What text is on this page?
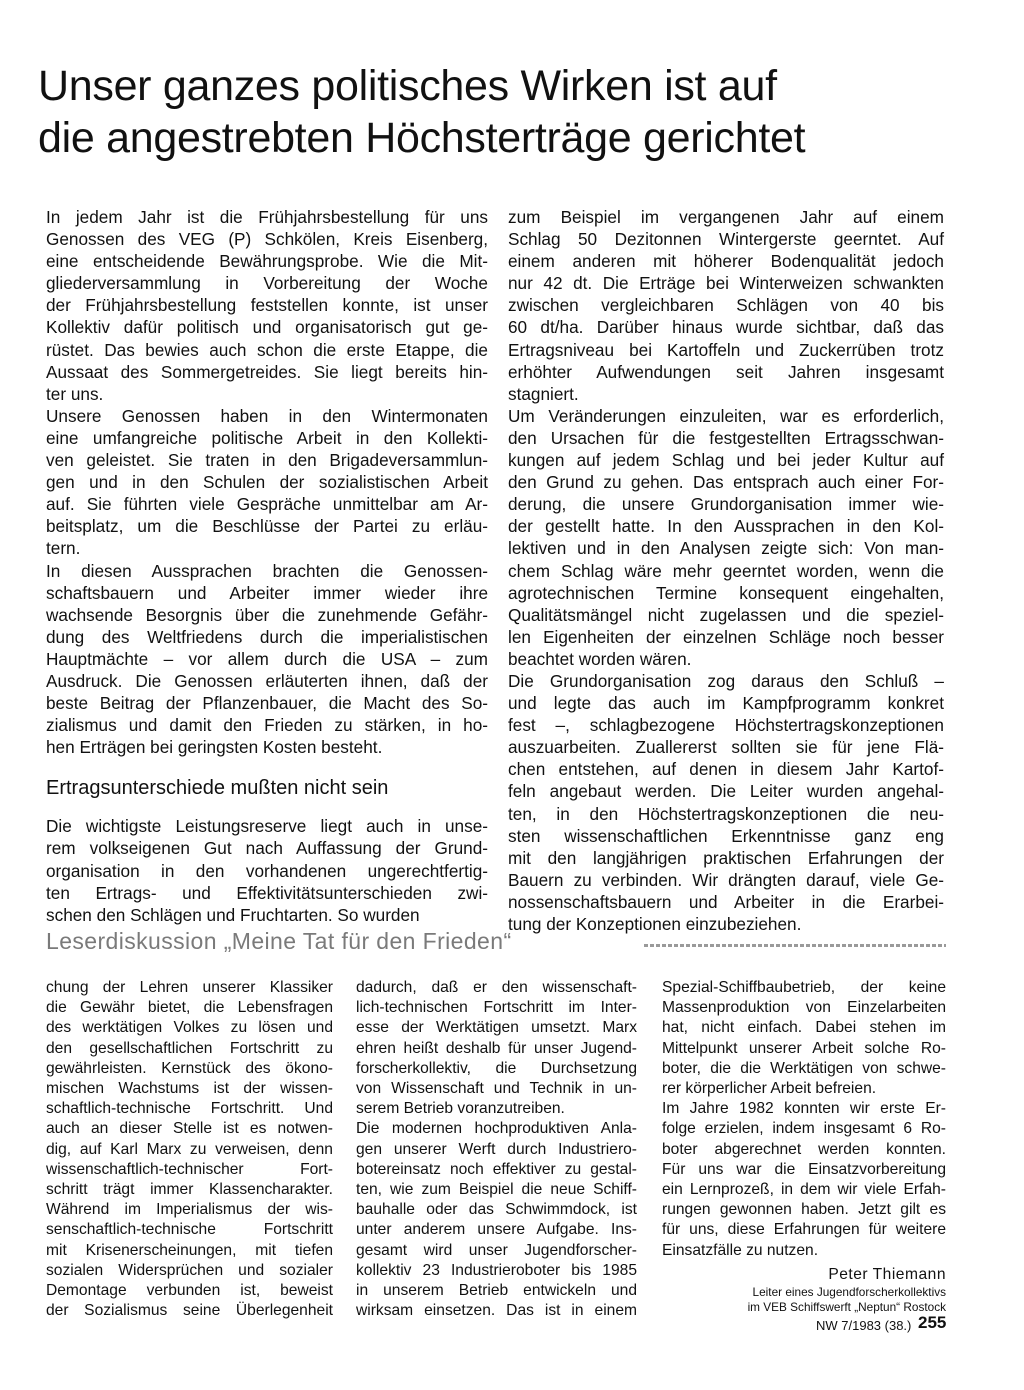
Unser ganzes politisches Wirken ist auf
die angestrebten Höchsterträge gerichtet
In jedem Jahr ist die Frühjahrsbestellung für uns
Genossen des VEG (P) Schkölen, Kreis Eisenberg,
eine entscheidende Bewährungsprobe. Wie die Mit-
gliederversammlung in Vorbereitung der Woche
der Frühjahrsbestellung feststellen konnte, ist unser
Kollektiv dafür politisch und organisatorisch gut ge-
rüstet. Das bewies auch schon die erste Etappe, die
Aussaat des Sommergetreides. Sie liegt bereits hin-
ter uns.
Unsere Genossen haben in den Wintermonaten
eine umfangreiche politische Arbeit in den Kollekti-
ven geleistet. Sie traten in den Brigadeversammlun-
gen und in den Schulen der sozialistischen Arbeit
auf. Sie führten viele Gespräche unmittelbar am Ar-
beitsplatz, um die Beschlüsse der Partei zu erläu-
tern.
In diesen Aussprachen brachten die Genossen-
schaftsbauern und Arbeiter immer wieder ihre
wachsende Besorgnis über die zunehmende Gefähr-
dung des Weltfriedens durch die imperialistischen
Hauptmächte – vor allem durch die USA – zum
Ausdruck. Die Genossen erläuterten ihnen, daß der
beste Beitrag der Pflanzenbauer, die Macht des So-
zialismus und damit den Frieden zu stärken, in ho-
hen Erträgen bei geringsten Kosten besteht.
Ertragsunterschiede mußten nicht sein
Die wichtigste Leistungsreserve liegt auch in unse-
rem volkseigenen Gut nach Auffassung der Grund-
organisation in den vorhandenen ungerechtfertig-
ten Ertrags- und Effektivitätsunterschieden zwi-
schen den Schlägen und Fruchtarten. So wurden
zum Beispiel im vergangenen Jahr auf einem
Schlag 50 Dezitonnen Wintergerste geerntet. Auf
einem anderen mit höherer Bodenqualität jedoch
nur 42 dt. Die Erträge bei Winterweizen schwankten
zwischen vergleichbaren Schlägen von 40 bis
60 dt/ha. Darüber hinaus wurde sichtbar, daß das
Ertragsniveau bei Kartoffeln und Zuckerrüben trotz
erhöhter Aufwendungen seit Jahren insgesamt
stagniert.
Um Veränderungen einzuleiten, war es erforderlich,
den Ursachen für die festgestellten Ertragsschwan-
kungen auf jedem Schlag und bei jeder Kultur auf
den Grund zu gehen. Das entsprach auch einer For-
derung, die unsere Grundorganisation immer wie-
der gestellt hatte. In den Aussprachen in den Kol-
lektiven und in den Analysen zeigte sich: Von man-
chem Schlag wäre mehr geerntet worden, wenn die
agrotechnischen Termine konsequent eingehalten,
Qualitätsmängel nicht zugelassen und die speziel-
len Eigenheiten der einzelnen Schläge noch besser
beachtet worden wären.
Die Grundorganisation zog daraus den Schluß –
und legte das auch im Kampfprogramm konkret
fest –, schlagbezogene Höchstertragskonzeptionen
auszuarbeiten. Zuallererst sollten sie für jene Flä-
chen entstehen, auf denen in diesem Jahr Kartof-
feln angebaut werden. Die Leiter wurden angehal-
ten, in den Höchstertragskonzeptionen die neu-
sten wissenschaftlichen Erkenntnisse ganz eng
mit den langjährigen praktischen Erfahrungen der
Bauern zu verbinden. Wir drängten darauf, viele Ge-
nossenschaftsbauern und Arbeiter in die Erarbei-
tung der Konzeptionen einzubeziehen.
Leserdiskussion „Meine Tat für den Frieden“
chung der Lehren unserer Klassiker
die Gewähr bietet, die Lebensfragen
des werktätigen Volkes zu lösen und
den gesellschaftlichen Fortschritt zu
gewährleisten. Kernstück des ökono-
mischen Wachstums ist der wissen-
schaftlich-technische Fortschritt. Und
auch an dieser Stelle ist es notwen-
dig, auf Karl Marx zu verweisen, denn
wissenschaftlich-technischer Fort-
schritt trägt immer Klassencharakter.
Während im Imperialismus der wis-
senschaftlich-technische Fortschritt
mit Krisenerscheinungen, mit tiefen
sozialen Widersprüchen und sozialer
Demontage verbunden ist, beweist
der Sozialismus seine Überlegenheit
dadurch, daß er den wissenschaft-
lich-technischen Fortschritt im Inter-
esse der Werktätigen umsetzt. Marx
ehren heißt deshalb für unser Jugend-
forscherkollektiv, die Durchsetzung
von Wissenschaft und Technik in un-
serem Betrieb voranzutreiben.
Die modernen hochproduktiven Anla-
gen unserer Werft durch Industriero-
botereinsatz noch effektiver zu gestal-
ten, wie zum Beispiel die neue Schiff-
bauhalle oder das Schwimmdock, ist
unter anderem unsere Aufgabe. Ins-
gesamt wird unser Jugendforscher-
kollektiv 23 Industrieroboter bis 1985
in unserem Betrieb entwickeln und
wirksam einsetzen. Das ist in einem
Spezial-Schiffbaubetrieb, der keine
Massenproduktion von Einzelarbeiten
hat, nicht einfach. Dabei stehen im
Mittelpunkt unserer Arbeit solche Ro-
boter, die die Werktätigen von schwe-
rer körperlicher Arbeit befreien.
Im Jahre 1982 konnten wir erste Er-
folge erzielen, indem insgesamt 6 Ro-
boter abgerechnet werden konnten.
Für uns war die Einsatzvorbereitung
ein Lernprozeß, in dem wir viele Erfah-
rungen gewonnen haben. Jetzt gilt es
für uns, diese Erfahrungen für weitere
Einsatzfälle zu nutzen.
Peter Thiemann
Leiter eines Jugendforscherkollektivs
im VEB Schiffswerft „Neptun“ Rostock
NW 7/1983 (38.) 255
